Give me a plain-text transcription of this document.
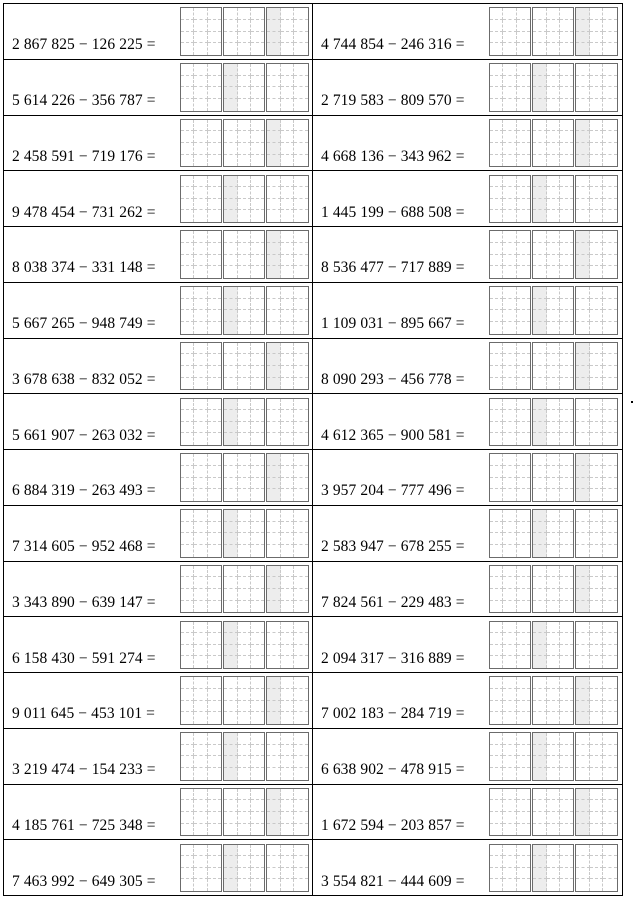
2 867 825 − 126 225 =
5 614 226 − 356 787 =
2 458 591 − 719 176 =
9 478 454 − 731 262 =
8 038 374 − 331 148 =
5 667 265 − 948 749 =
3 678 638 − 832 052 =
5 661 907 − 263 032 =
6 884 319 − 263 493 =
7 314 605 − 952 468 =
3 343 890 − 639 147 =
6 158 430 − 591 274 =
9 011 645 − 453 101 =
3 219 474 − 154 233 =
4 185 761 − 725 348 =
7 463 992 − 649 305 =
4 744 854 − 246 316 =
2 719 583 − 809 570 =
4 668 136 − 343 962 =
1 445 199 − 688 508 =
8 536 477 − 717 889 =
1 109 031 − 895 667 =
8 090 293 − 456 778 =
4 612 365 − 900 581 =
3 957 204 − 777 496 =
2 583 947 − 678 255 =
7 824 561 − 229 483 =
2 094 317 − 316 889 =
7 002 183 − 284 719 =
6 638 902 − 478 915 =
1 672 594 − 203 857 =
3 554 821 − 444 609 =
